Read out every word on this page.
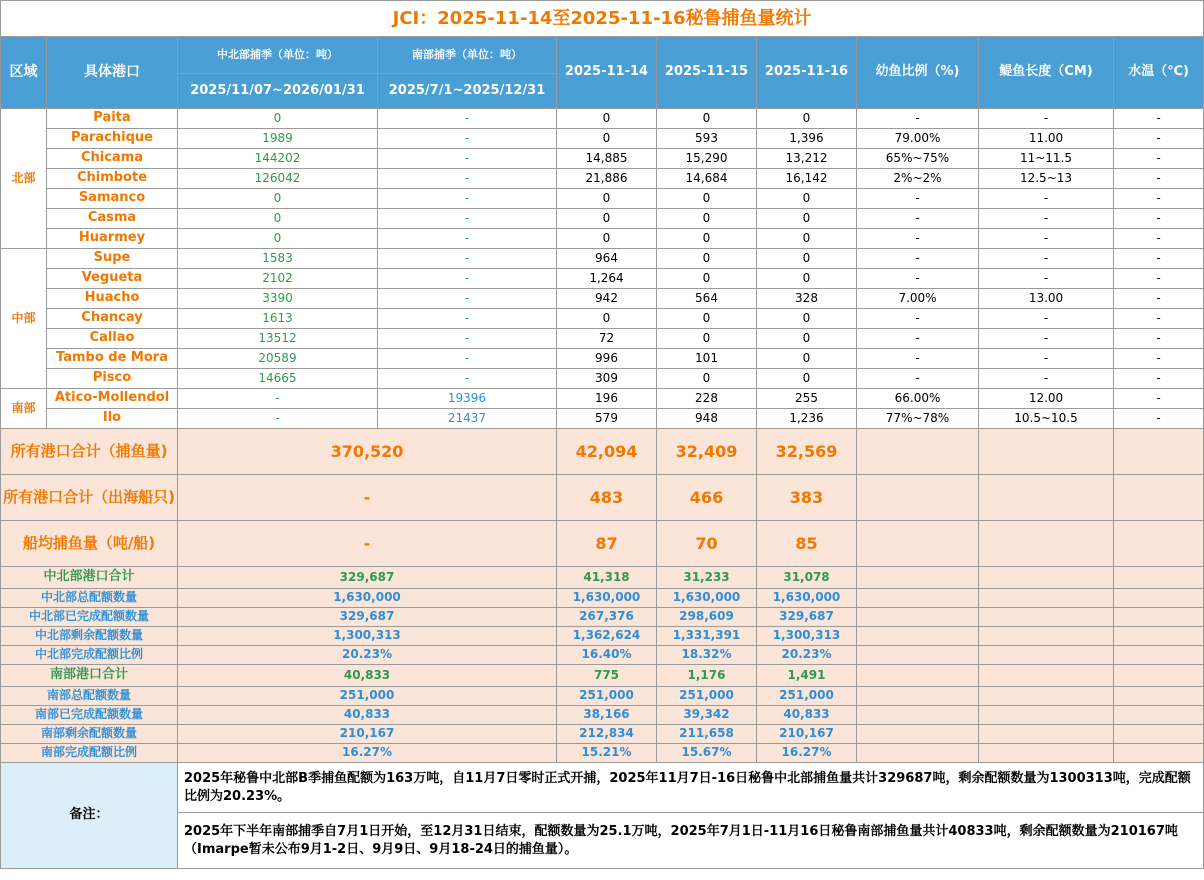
JCI：2025-11-14至2025-11-16秘鲁捕鱼量统计									
区域	具体港口	中北部捕季（单位：吨）	南部捕季（单位：吨）	2025-11-14	2025-11-15	2025-11-16	幼鱼比例（%)	鳀鱼长度（CM)	水温（℃)
		2025/11/07~2026/01/31	2025/7/1~2025/12/31						
北部	Paita	0	-	0	0	0	-	-	-
	Parachique	1989	-	0	593	1,396	79.00%	11.00	-
	Chicama	144202	-	14,885	15,290	13,212	65%~75%	11~11.5	-
	Chimbote	126042	-	21,886	14,684	16,142	2%~2%	12.5~13	-
	Samanco	0	-	0	0	0	-	-	-
	Casma	0	-	0	0	0	-	-	-
	Huarmey	0	-	0	0	0	-	-	-
中部	Supe	1583	-	964	0	0	-	-	-
	Vegueta	2102	-	1,264	0	0	-	-	-
	Huacho	3390	-	942	564	328	7.00%	13.00	-
	Chancay	1613	-	0	0	0	-	-	-
	Callao	13512	-	72	0	0	-	-	-
	Tambo de Mora	20589	-	996	101	0	-	-	-
	Pisco	14665	-	309	0	0	-	-	-
南部	Atico-Mollendol	-	19396	196	228	255	66.00%	12.00	-
	Ilo	-	21437	579	948	1,236	77%~78%	10.5~10.5	-
所有港口合计（捕鱼量)		370,520		42,094	32,409	32,569			
所有港口合计（出海船只)		-		483	466	383			
船均捕鱼量（吨/船)		-		87	70	85			
中北部港口合计		329,687		41,318	31,233	31,078			
中北部总配额数量		1,630,000		1,630,000	1,630,000	1,630,000			
中北部已完成配额数量		329,687		267,376	298,609	329,687			
中北部剩余配额数量		1,300,313		1,362,624	1,331,391	1,300,313			
中北部完成配额比例		20.23%		16.40%	18.32%	20.23%			
南部港口合计		40,833		775	1,176	1,491			
南部总配额数量		251,000		251,000	251,000	251,000			
南部已完成配额数量		40,833		38,166	39,342	40,833			
南部剩余配额数量		210,167		212,834	211,658	210,167			
南部完成配额比例		16.27%		15.21%	15.67%	16.27%			
备注：		2025年秘鲁中北部B季捕鱼配额为163万吨，自11月7日零时正式开捕，2025年11月7日-16日秘鲁中北部捕鱼量共计329687吨，剩余配额数量为1300313吨，完成配额比例为20.23%。							
		2025年下半年南部捕季自7月1日开始，至12月31日结束，配额数量为25.1万吨，2025年7月1日-11月16日秘鲁南部捕鱼量共计40833吨，剩余配额数量为210167吨（Imarpe暂未公布9月1-2日、9月9日、9月18-24日的捕鱼量）。							
